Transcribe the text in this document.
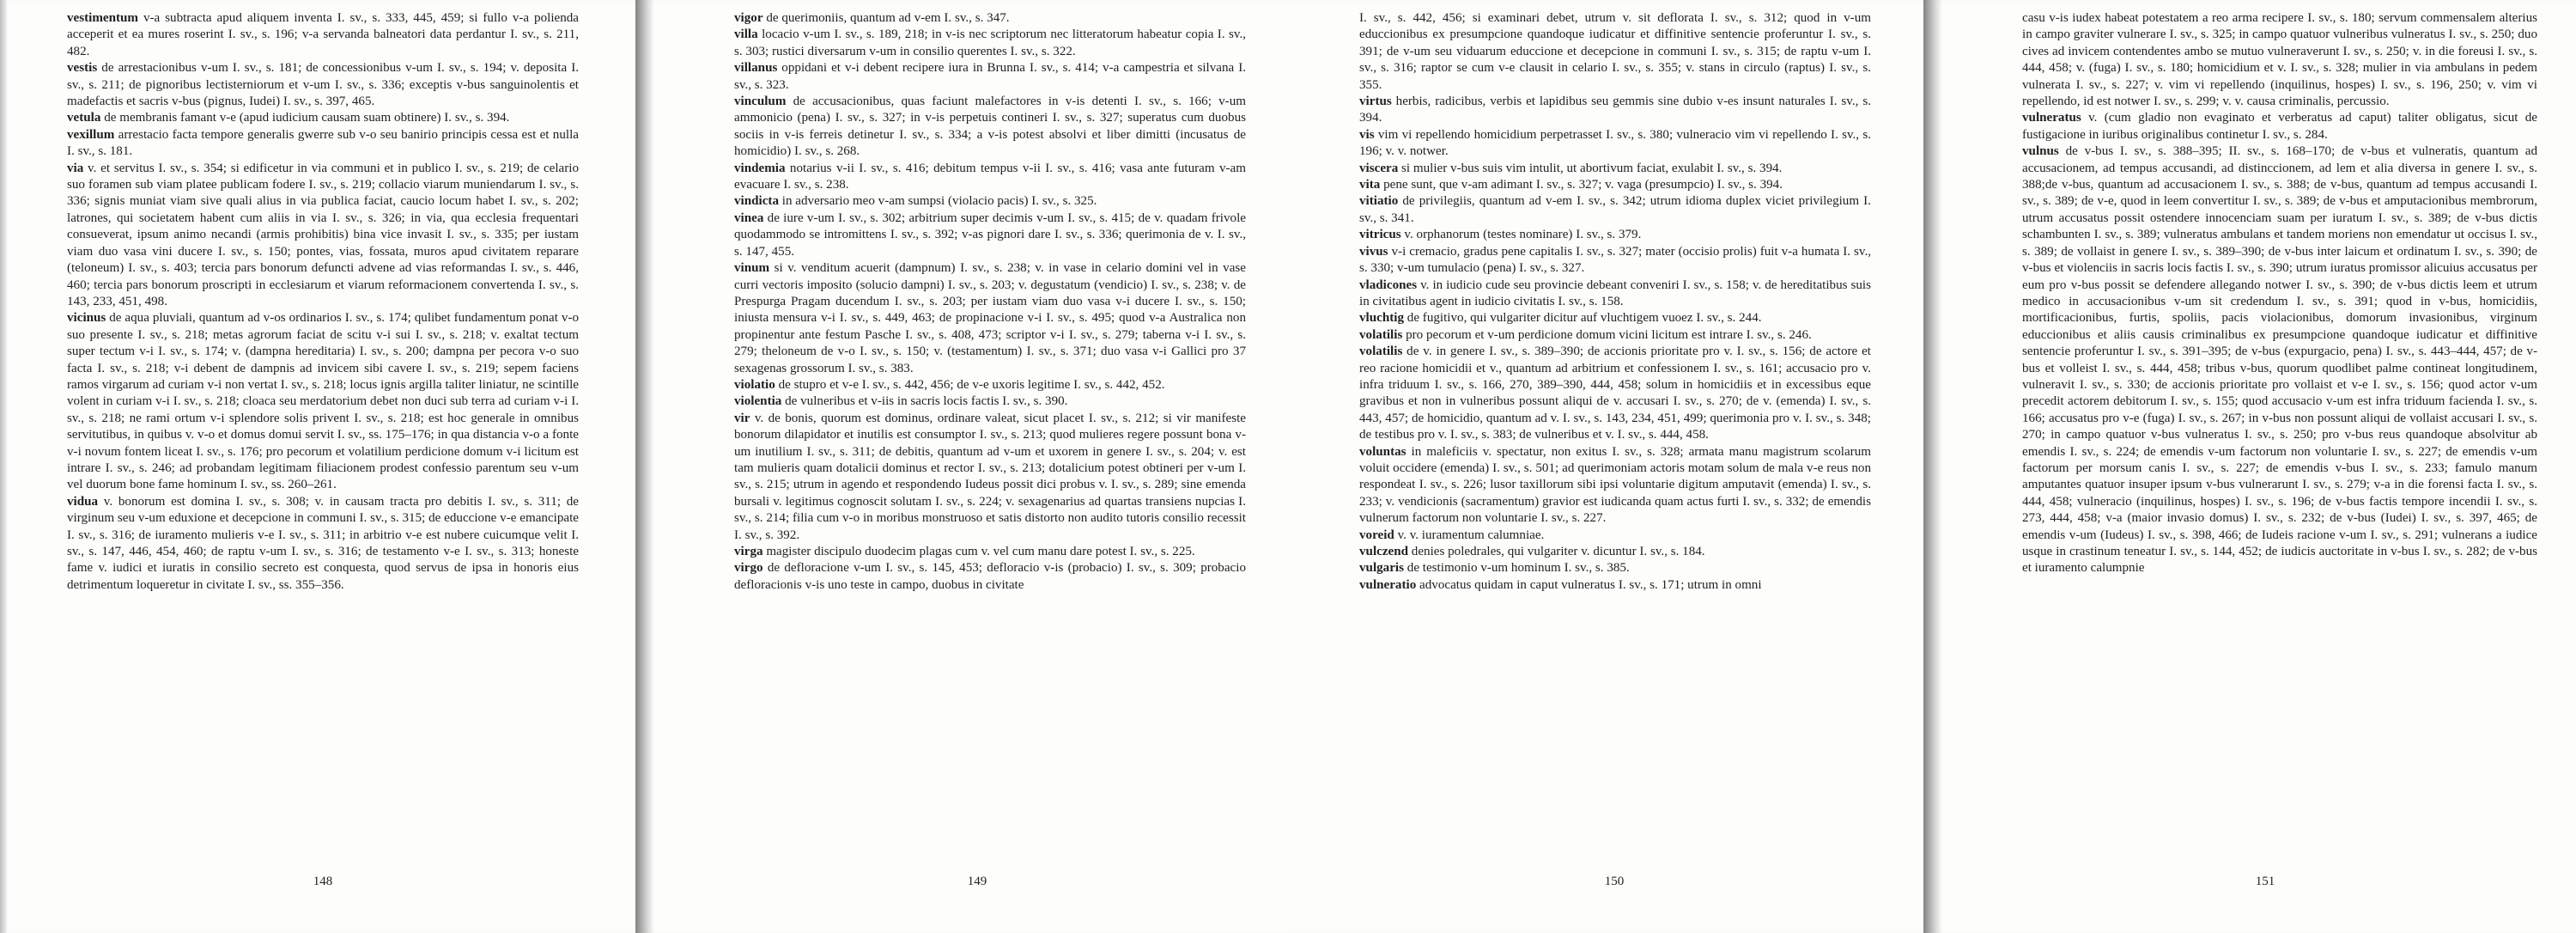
vestimentum v-a subtracta apud aliquem inventa I. sv., s. 333, 445, 459; si fullo v-a polienda acceperit et ea mures roserint I. sv., s. 196; v-a servanda balneatori data perdantur I. sv., s. 211, 482.

vestis de arrestacionibus v-um I. sv., s. 181; de concessionibus v-um I. sv., s. 194; v. deposita I. sv., s. 211; de pignoribus lectisterniorum et v-um I. sv., s. 336; exceptis v-bus sanguinolentis et madefactis et sacris v-bus (pignus, Iudei) I. sv., s. 397, 465.

vetula de membranis famant v-e (apud iudicium causam suam obtinere) I. sv., s. 394.

vexillum arrestacio facta tempore generalis gwerre sub v-o seu banirio principis cessa est et nulla I. sv., s. 181.

via v. et servitus I. sv., s. 354; si edificetur in via communi et in publico I. sv., s. 219; de celario suo foramen sub viam platee publicam fodere I. sv., s. 219; collacio viarum muniendarum I. sv., s. 336; signis muniat viam sive quali alius in via publica faciat, caucio locum habet I. sv., s. 202; latrones, qui societatem habent cum aliis in via I. sv., s. 326; in via, qua ecclesia frequentari consueverat, ipsum animo necandi (armis prohibitis) bina vice invasit I. sv., s. 335; per iustam viam duo vasa vini ducere I. sv., s. 150; pontes, vias, fossata, muros apud civitatem reparare (teloneum) I. sv., s. 403; tercia pars bonorum defuncti advene ad vias reformandas I. sv., s. 446, 460; tercia pars bonorum proscripti in ecclesiarum et viarum reformacionem convertenda I. sv., s. 143, 233, 451, 498.

vicinus de aqua pluviali, quantum ad v-os ordinarios I. sv., s. 174; qulibet fundamentum ponat v-o suo presente I. sv., s. 218; metas agrorum faciat de scitu v-i sui I. sv., s. 218; v. exaltat tectum super tectum v-i I. sv., s. 174; v. (dampna hereditaria) I. sv., s. 200; dampna per pecora v-o suo facta I. sv., s. 218; v-i debent de dampnis ad invicem sibi cavere I. sv., s. 219; sepem faciens ramos virgarum ad curiam v-i non vertat I. sv., s. 218; locus ignis argilla taliter liniatur, ne scintille volent in curiam v-i I. sv., s. 218; cloaca seu merdatorium debet non duci sub terra ad curiam v-i I. sv., s. 218; ne rami ortum v-i splendore solis privent I. sv., s. 218; est hoc generale in omnibus servitutibus, in quibus v. v-o et domus domui servit I. sv., ss. 175–176; in qua distancia v-o a fonte v-i novum fontem liceat I. sv., s. 176; pro pecorum et volatilium perdicione domum v-i licitum est intrare I. sv., s. 246; ad probandam legitimam filiacionem prodest confessio parentum seu v-um vel duorum bone fame hominum I. sv., ss. 260–261.

vidua v. bonorum est domina I. sv., s. 308; v. in causam tracta pro debitis I. sv., s. 311; de virginum seu v-um eduxione et decepcione in communi I. sv., s. 315; de educcione v-e emancipate I. sv., s. 316; de iuramento mulieris v-e I. sv., s. 311; in arbitrio v-e est nubere cuicumque velit I. sv., s. 147, 446, 454, 460; de raptu v-um I. sv., s. 316; de testamento v-e I. sv., s. 313; honeste fame v. iudici et iuratis in consilio secreto est conquesta, quod servus de ipsa in honoris eius detrimentum loqueretur in civitate I. sv., ss. 355–356.

148

vigor de querimoniis, quantum ad v-em I. sv., s. 347.

villa locacio v-um I. sv., s. 189, 218; in v-is nec scriptorum nec litteratorum habeatur copia I. sv., s. 303; rustici diversarum v-um in consilio querentes I. sv., s. 322.

villanus oppidani et v-i debent recipere iura in Brunna I. sv., s. 414; v-a campestria et silvana I. sv., s. 323.

vinculum de accusacionibus, quas faciunt malefactores in v-is detenti I. sv., s. 166; v-um ammonicio (pena) I. sv., s. 327; in v-is perpetuis contineri I. sv., s. 327; superatus cum duobus sociis in v-is ferreis detinetur I. sv., s. 334; a v-is potest absolvi et liber dimitti (incusatus de homicidio) I. sv., s. 268.

vindemia notarius v-ii I. sv., s. 416; debitum tempus v-ii I. sv., s. 416; vasa ante futuram v-am evacuare I. sv., s. 238.

vindicta in adversario meo v-am sumpsi (violacio pacis) I. sv., s. 325.

vinea de iure v-um I. sv., s. 302; arbitrium super decimis v-um I. sv., s. 415; de v. quadam frivole quodammodo se intromittens I. sv., s. 392; v-as pignori dare I. sv., s. 336; querimonia de v. I. sv., s. 147, 455.

vinum si v. venditum acuerit (dampnum) I. sv., s. 238; v. in vase in celario domini vel in vase curri vectoris imposito (solucio dampni) I. sv., s. 203; v. degustatum (vendicio) I. sv., s. 238; v. de Prespurga Pragam ducendum I. sv., s. 203; per iustam viam duo vasa v-i ducere I. sv., s. 150; iniusta mensura v-i I. sv., s. 449, 463; de propinacione v-i I. sv., s. 495; quod v-a Australica non propinentur ante festum Pasche I. sv., s. 408, 473; scriptor v-i I. sv., s. 279; taberna v-i I. sv., s. 279; theloneum de v-o I. sv., s. 150; v. (testamentum) I. sv., s. 371; duo vasa v-i Gallici pro 37 sexagenas grossorum I. sv., s. 383.

violatio de stupro et v-e I. sv., s. 442, 456; de v-e uxoris legitime I. sv., s. 442, 452.

violentia de vulneribus et v-iis in sacris locis factis I. sv., s. 390.

vir v. de bonis, quorum est dominus, ordinare valeat, sicut placet I. sv., s. 212; si vir manifeste bonorum dilapidator et inutilis est consumptor I. sv., s. 213; quod mulieres regere possunt bona v-um inutilium I. sv., s. 311; de debitis, quantum ad v-um et uxorem in genere I. sv., s. 204; v. est tam mulieris quam dotalicii dominus et rector I. sv., s. 213; dotalicium potest obtineri per v-um I. sv., s. 215; utrum in agendo et respondendo Iudeus possit dici probus v. I. sv., s. 289; sine emenda bursali v. legitimus cognoscit solutam I. sv., s. 224; v. sexagenarius ad quartas transiens nupcias I. sv., s. 214; filia cum v-o in moribus monstruoso et satis distorto non audito tutoris consilio recessit I. sv., s. 392.

virga magister discipulo duodecim plagas cum v. vel cum manu dare potest I. sv., s. 225.

virgo de defloracione v-um I. sv., s. 145, 453; defloracio v-is (probacio) I. sv., s. 309; probacio defloracionis v-is uno teste in campo, duobus in civitate

149

I. sv., s. 442, 456; si examinari debet, utrum v. sit deflorata I. sv., s. 312; quod in v-um educcionibus ex presumpcione quandoque iudicatur et diffinitive sentencie proferuntur I. sv., s. 391; de v-um seu viduarum educcione et decepcione in communi I. sv., s. 315; de raptu v-um I. sv., s. 316; raptor se cum v-e clausit in celario I. sv., s. 355; v. stans in circulo (raptus) I. sv., s. 355.

virtus herbis, radicibus, verbis et lapidibus seu gemmis sine dubio v-es insunt naturales I. sv., s. 394.

vis vim vi repellendo homicidium perpetrasset I. sv., s. 380; vulneracio vim vi repellendo I. sv., s. 196; v. v. notwer.

viscera si mulier v-bus suis vim intulit, ut abortivum faciat, exulabit I. sv., s. 394.

vita pene sunt, que v-am adimant I. sv., s. 327; v. vaga (presumpcio) I. sv., s. 394.

vitiatio de privilegiis, quantum ad v-em I. sv., s. 342; utrum idioma duplex viciet privilegium I. sv., s. 341.

vitricus v. orphanorum (testes nominare) I. sv., s. 379.

vivus v-i cremacio, gradus pene capitalis I. sv., s. 327; mater (occisio prolis) fuit v-a humata I. sv., s. 330; v-um tumulacio (pena) I. sv., s. 327.

vladicones v. in iudicio cude seu provincie debeant conveniri I. sv., s. 158; v. de hereditatibus suis in civitatibus agent in iudicio civitatis I. sv., s. 158.

vluchtig de fugitivo, qui vulgariter dicitur auf vluchtigem vuoez I. sv., s. 244.

volatilis pro pecorum et v-um perdicione domum vicini licitum est intrare I. sv., s. 246.

volatilis de v. in genere I. sv., s. 389–390; de accionis prioritate pro v. I. sv., s. 156; de actore et reo racione homicidii et v., quantum ad arbitrium et confessionem I. sv., s. 161; accusacio pro v. infra triduum I. sv., s. 166, 270, 389–390, 444, 458; solum in homicidiis et in excessibus eque gravibus et non in vulneribus possunt aliqui de v. accusari I. sv., s. 270; de v. (emenda) I. sv., s. 443, 457; de homicidio, quantum ad v. I. sv., s. 143, 234, 451, 499; querimonia pro v. I. sv., s. 348; de testibus pro v. I. sv., s. 383; de vulneribus et v. I. sv., s. 444, 458.

voluntas in maleficiis v. spectatur, non exitus I. sv., s. 328; armata manu magistrum scolarum voluit occidere (emenda) I. sv., s. 501; ad querimoniam actoris motam solum de mala v-e reus non respondeat I. sv., s. 226; lusor taxillorum sibi ipsi voluntarie digitum amputavit (emenda) I. sv., s. 233; v. vendicionis (sacramentum) gravior est iudicanda quam actus furti I. sv., s. 332; de emendis vulnerum factorum non voluntarie I. sv., s. 227.

voreid v. v. iuramentum calumniae.

vulczend denies poledrales, qui vulgariter v. dicuntur I. sv., s. 184.

vulgaris de testimonio v-um hominum I. sv., s. 385.

vulneratio advocatus quidam in caput vulneratus I. sv., s. 171; utrum in omni

150

casu v-is iudex habeat potestatem a reo arma recipere I. sv., s. 180; servum commensalem alterius in campo graviter vulnerare I. sv., s. 325; in campo quatuor vulneribus vulneratus I. sv., s. 250; duo cives ad invicem contendentes ambo se mutuo vulneraverunt I. sv., s. 250; v. in die foreusi I. sv., s. 444, 458; v. (fuga) I. sv., s. 180; homicidium et v. I. sv., s. 328; mulier in via ambulans in pedem vulnerata I. sv., s. 227; v. vim vi repellendo (inquilinus, hospes) I. sv., s. 196, 250; v. vim vi repellendo, id est notwer I. sv., s. 299; v. v. causa criminalis, percussio.

vulneratus v. (cum gladio non evaginato et verberatus ad caput) taliter obligatus, sicut de fustigacione in iuribus originalibus continetur I. sv., s. 284.

vulnus de v-bus I. sv., s. 388–395; II. sv., s. 168–170; de v-bus et vulneratis, quantum ad accusacionem, ad tempus accusandi, ad distinccionem, ad lem et alia diversa in genere I. sv., s. 388;de v-bus, quantum ad accusacionem I. sv., s. 388; de v-bus, quantum ad tempus accusandi I. sv., s. 389; de v-e, quod in leem convertitur I. sv., s. 389; de v-bus et amputacionibus membrorum, utrum accusatus possit ostendere innocenciam suam per iuratum I. sv., s. 389; de v-bus dictis schambunten I. sv., s. 389; vulneratus ambulans et tandem moriens non emendatur ut occisus I. sv., s. 389; de vollaist in genere I. sv., s. 389–390; de v-bus inter laicum et ordinatum I. sv., s. 390; de v-bus et violenciis in sacris locis factis I. sv., s. 390; utrum iuratus promissor alicuius accusatus per eum pro v-bus possit se defendere allegando notwer I. sv., s. 390; de v-bus dictis leem et utrum medico in accusacionibus v-um sit credendum I. sv., s. 391; quod in v-bus, homicidiis, mortificacionibus, furtis, spoliis, pacis violacionibus, domorum invasionibus, virginum educcionibus et aliis causis criminalibus ex presumpcione quandoque iudicatur et diffinitive sentencie proferuntur I. sv., s. 391–395; de v-bus (expurgacio, pena) I. sv., s. 443–444, 457; de v-bus et volleist I. sv., s. 444, 458; tribus v-bus, quorum quodlibet palme contineat longitudinem, vulneravit I. sv., s. 330; de accionis prioritate pro vollaist et v-e I. sv., s. 156; quod actor v-um precedit actorem debitorum I. sv., s. 155; quod accusacio v-um est infra triduum facienda I. sv., s. 166; accusatus pro v-e (fuga) I. sv., s. 267; in v-bus non possunt aliqui de vollaist accusari I. sv., s. 270; in campo quatuor v-bus vulneratus I. sv., s. 250; pro v-bus reus quandoque absolvitur ab emendis I. sv., s. 224; de emendis v-um factorum non voluntarie I. sv., s. 227; de emendis v-um factorum per morsum canis I. sv., s. 227; de emendis v-bus I. sv., s. 233; famulo manum amputantes quatuor insuper ipsum v-bus vulnerarunt I. sv., s. 279; v-a in die forensi facta I. sv., s. 444, 458; vulneracio (inquilinus, hospes) I. sv., s. 196; de v-bus factis tempore incendii I. sv., s. 273, 444, 458; v-a (maior invasio domus) I. sv., s. 232; de v-bus (Iudei) I. sv., s. 397, 465; de emendis v-um (Iudeus) I. sv., s. 398, 466; de Iudeis racione v-um I. sv., s. 291; vulnerans a iudice usque in crastinum teneatur I. sv., s. 144, 452; de iudicis auctoritate in v-bus I. sv., s. 282; de v-bus et iuramento calumpnie

151
